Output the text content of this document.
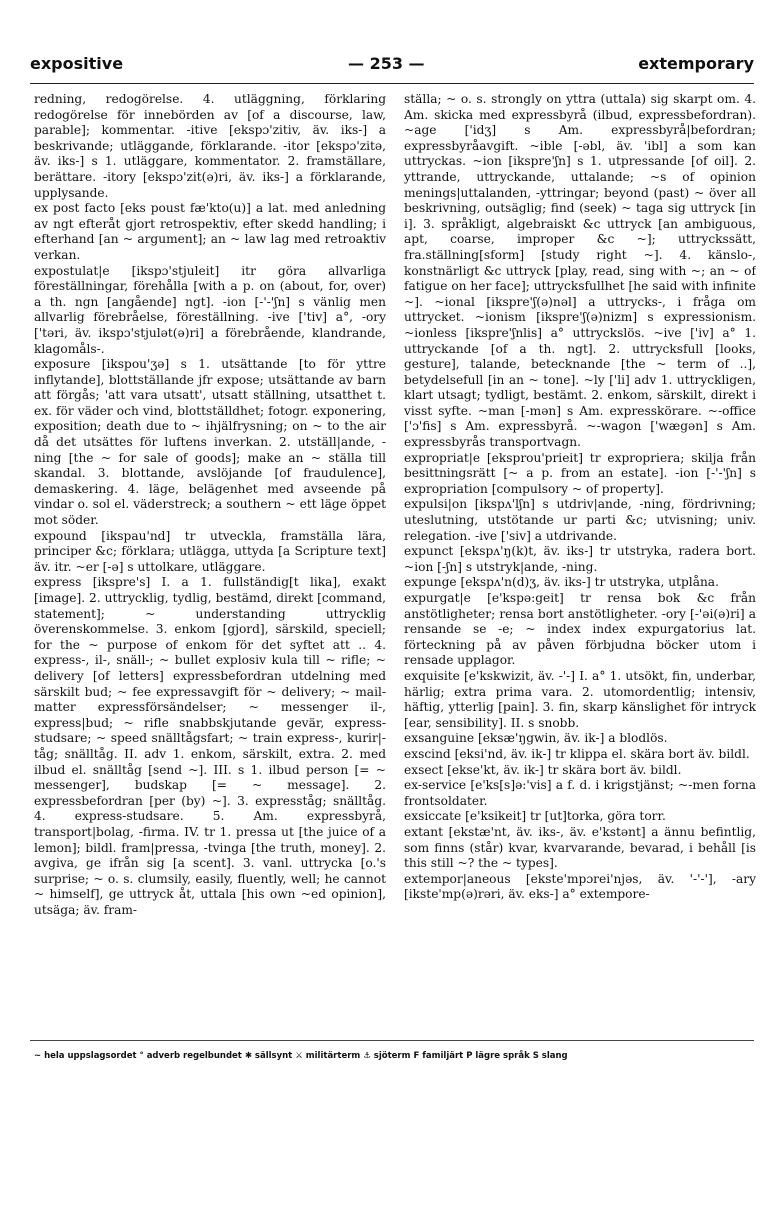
expositive	— 253 —	extemporary

redning, redogörelse. 4. utläggning, förklaring redogörelse för innebörden av [of a discourse, law, parable]; kommentar. -itive [ekspɔ'zitiv, äv. iks-] a beskrivande; utläggande, förklarande. -itor [ekspɔ'zitə, äv. iks-] s 1. utläggare, kommentator. 2. framställare, berättare. -itory [ekspɔ'zit(ə)ri, äv. iks-] a förklarande, upplysande.

ex post facto [eks poust fæ'kto(u)] a lat. med anledning av ngt efteråt gjort retrospektiv, efter skedd handling; i efterhand [an ~ argument]; an ~ law lag med retroaktiv verkan.

expostulat|e [ikspɔ'stjuleit] itr göra allvarliga föreställningar, förehålla [with a p. on (about, for, over) a th. ngn [angående] ngt]. -ion [-'-'ʃn] s vänlig men allvarlig förebråelse, föreställning. -ive ['tiv] a°, -ory ['təri, äv. ikspɔ'stjulət(ə)ri] a förebrående, klandrande, klagomåls-.

exposure [ikspou'ʒə] s 1. utsättande [to för yttre inflytande], blottställande jfr expose; utsättande av barn att förgås; 'att vara utsatt', utsatt ställning, utsatthet t. ex. för väder och vind, blottställdhet; fotogr. exponering, exposition; death due to ~ ihjälfrysning; on ~ to the air då det utsättes för luftens inverkan. 2. utställ|ande, -ning [the ~ for sale of goods]; make an ~ ställa till skandal. 3. blottande, avslöjande [of fraudulence], demaskering. 4. läge, belägenhet med avseende på vindar o. sol el. väderstreck; a southern ~ ett läge öppet mot söder.

expound [ikspau'nd] tr utveckla, framställa lära, principer &c; förklara; utlägga, uttyda [a Scripture text] äv. itr. ~er [-ə] s uttolkare, utläggare.

express [ikspre's] I. a 1. fullständig[t lika], exakt [image]. 2. uttrycklig, tydlig, bestämd, direkt [command, statement]; ~ understanding uttrycklig överenskommelse. 3. enkom [gjord], särskild, speciell; for the ~ purpose of enkom för det syftet att .. 4. express-, il-, snäll-; ~ bullet explosiv kula till ~ rifle; ~ delivery [of letters] expressbefordran utdelning med särskilt bud; ~ fee expressavgift för ~ delivery; ~ mail-matter expressförsändelser; ~ messenger il-, express|bud; ~ rifle snabbskjutande gevär, express-studsare; ~ speed snälltågsfart; ~ train express-, kurir|-tåg; snälltåg. II. adv 1. enkom, särskilt, extra. 2. med ilbud el. snälltåg [send ~]. III. s 1. ilbud person [= ~ messenger], budskap [= ~ message]. 2. expressbefordran [per (by) ~]. 3. expresståg; snälltåg. 4. express-studsare. 5. Am. expressbyrå, transport|bolag, -firma. IV. tr 1. pressa ut [the juice of a lemon]; bildl. fram|pressa, -tvinga [the truth, money]. 2. avgiva, ge ifrån sig [a scent]. 3. vanl. uttrycka [o.'s surprise; ~ o. s. clumsily, easily, fluently, well; he cannot ~ himself], ge uttryck åt, uttala [his own ~ed opinion], utsäga; äv. fram-

ställa; ~ o. s. strongly on yttra (uttala) sig skarpt om. 4. Am. skicka med expressbyrå (ilbud, expressbefordran). ~age ['idʒ] s Am. expressbyrå|befordran; expressbyråavgift. ~ible [-əbl, äv. 'ibl] a som kan uttryckas. ~ion [ikspre'ʃn] s 1. utpressande [of oil]. 2. yttrande, uttryckande, uttalande; ~s of opinion menings|uttalanden, -yttringar; beyond (past) ~ över all beskrivning, outsäglig; find (seek) ~ taga sig uttryck [in i]. 3. språkligt, algebraiskt &c uttryck [an ambiguous, apt, coarse, improper &c ~]; uttryckssätt, fra.ställning[sform] [study right ~]. 4. känslo-, konstnärligt &c uttryck [play, read, sing with ~; an ~ of fatigue on her face]; uttrycksfullhet [he said with infinite ~]. ~ional [ikspre'ʃ(ə)nəl] a uttrycks-, i fråga om uttrycket. ~ionism [ikspre'ʃ(ə)nizm] s expressionism. ~ionless [ikspre'ʃnlis] a° uttryckslös. ~ive ['iv] a° 1. uttryckande [of a th. ngt]. 2. uttrycksfull [looks, gesture], talande, betecknande [the ~ term of ..], betydelsefull [in an ~ tone]. ~ly ['li] adv 1. uttryckligen, klart utsagt; tydligt, bestämt. 2. enkom, särskilt, direkt i visst syfte. ~man [-mən] s Am. expresskörare. ~-office ['ɔ'fis] s Am. expressbyrå. ~-wagon ['wægən] s Am. expressbyrås transportvagn.

expropriat|e [eksprou'prieit] tr expropriera; skilja från besittningsrätt [~ a p. from an estate]. -ion [-'-'ʃn] s expropriation [compulsory ~ of property].

expulsi|on [ikspʌ'lʃn] s utdriv|ande, -ning, fördrivning; uteslutning, utstötande ur parti &c; utvisning; univ. relegation. -ive ['siv] a utdrivande.

expunct [ekspʌ'ŋ(k)t, äv. iks-] tr utstryka, radera bort. ~ion [-ʃn] s utstryk|ande, -ning.

expunge [ekspʌ'n(d)ʒ, äv. iks-] tr utstryka, utplåna.

expurgat|e [e'kspə:geit] tr rensa bok &c från anstötligheter; rensa bort anstötligheter. -ory [-'əi(ə)ri] a rensande se -e; ~ index index expurgatorius lat. förteckning på av påven förbjudna böcker utom i rensade upplagor.

exquisite [e'kskwizit, äv. -'-] I. a° 1. utsökt, fin, underbar, härlig; extra prima vara. 2. utomordentlig; intensiv, häftig, ytterlig [pain]. 3. fin, skarp känslighet för intryck [ear, sensibility]. II. s snobb.

exsanguine [eksæ'ŋgwin, äv. ik-] a blodlös.

exscind [eksi'nd, äv. ik-] tr klippa el. skära bort äv. bildl.

exsect [ekse'kt, äv. ik-] tr skära bort äv. bildl.

ex-service [e'ks[s]ə:'vis] a f. d. i krigstjänst; ~-men forna frontsoldater.

exsiccate [e'ksikeit] tr [ut]torka, göra torr.

extant [ekstæ'nt, äv. iks-, äv. e'kstənt] a ännu befintlig, som finns (står) kvar, kvarvarande, bevarad, i behåll [is this still ~? the ~ types].

extempor|aneous [ekste'mpɔrei'njəs, äv. '-'-'], -ary [ikste'mp(ə)rəri, äv. eks-] a° extempore-

~ hela uppslagsordet ° adverb regelbundet ✱ sällsynt ⚔ militärterm ⚓ sjöterm F familjärt P lägre språk S slang
